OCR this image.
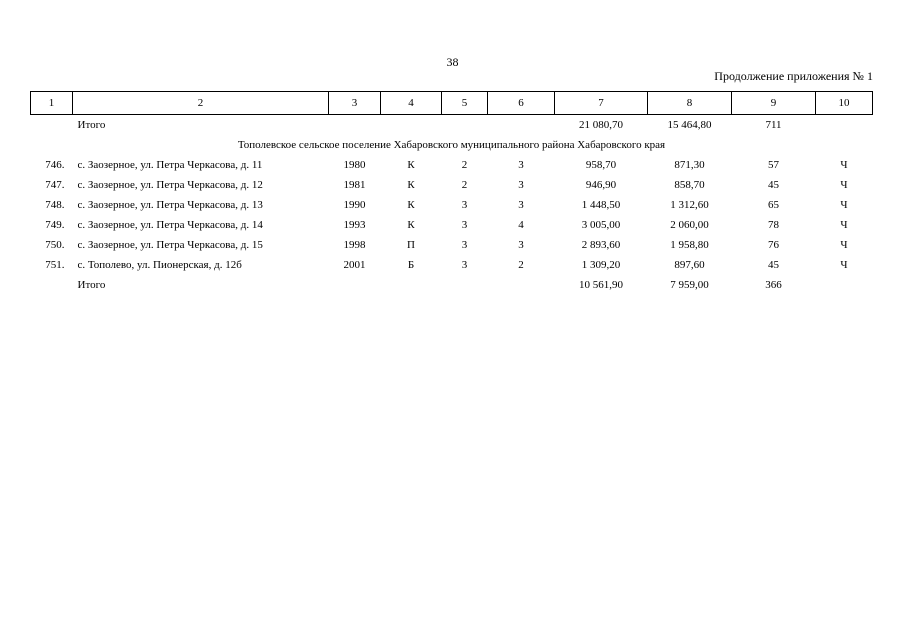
38
Продолжение приложения № 1
1	2	3	4	5	6	7	8	9	10
	Итого					21 080,70	15 464,80	711	
Тополевское сельское поселение Хабаровского муниципального района Хабаровского края									
746.	с. Заозерное, ул. Петра Черкасова, д. 11	1980	К	2	3	958,70	871,30	57	Ч
747.	с. Заозерное, ул. Петра Черкасова, д. 12	1981	К	2	3	946,90	858,70	45	Ч
748.	с. Заозерное, ул. Петра Черкасова, д. 13	1990	К	3	3	1 448,50	1 312,60	65	Ч
749.	с. Заозерное, ул. Петра Черкасова, д. 14	1993	К	3	4	3 005,00	2 060,00	78	Ч
750.	с. Заозерное, ул. Петра Черкасова, д. 15	1998	П	3	3	2 893,60	1 958,80	76	Ч
751.	с. Тополево, ул. Пионерская, д. 12б	2001	Б	3	2	1 309,20	897,60	45	Ч
	Итого					10 561,90	7 959,00	366	
